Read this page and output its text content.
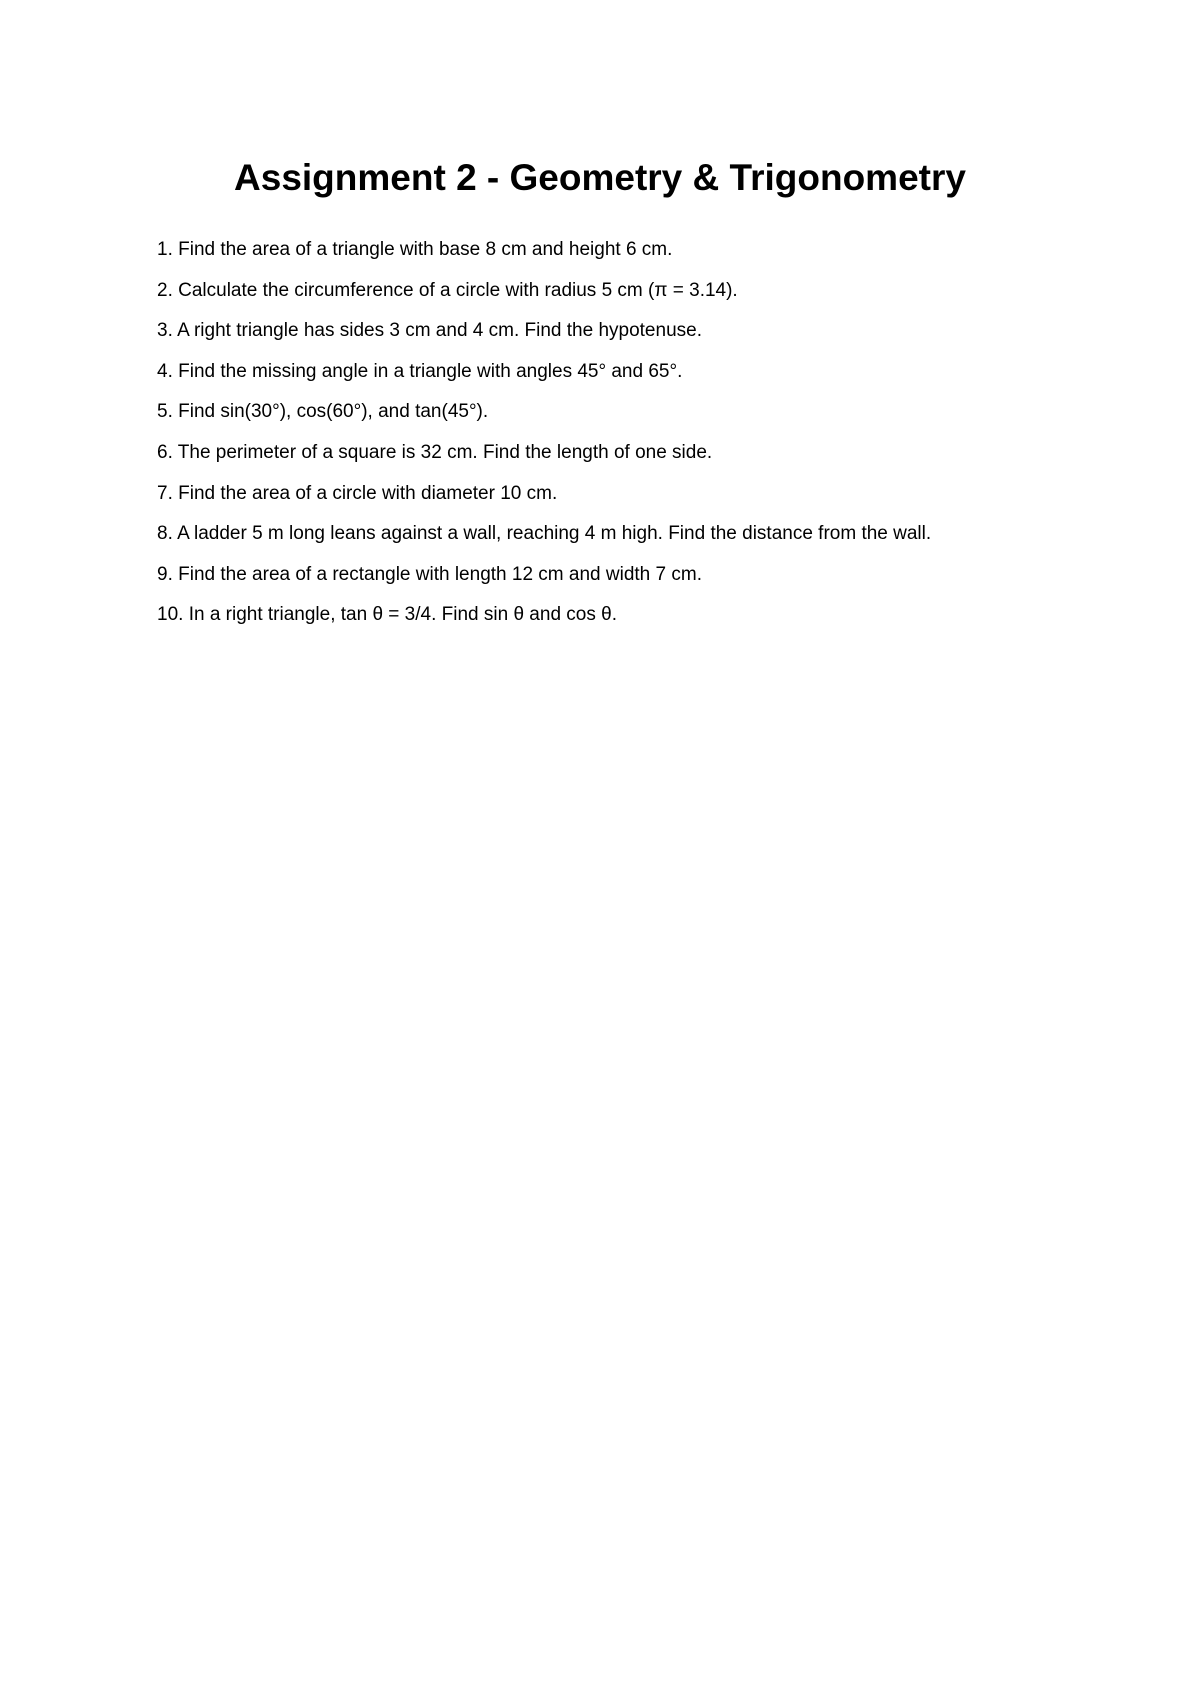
Assignment 2 - Geometry & Trigonometry
1. Find the area of a triangle with base 8 cm and height 6 cm.
2. Calculate the circumference of a circle with radius 5 cm (π = 3.14).
3. A right triangle has sides 3 cm and 4 cm. Find the hypotenuse.
4. Find the missing angle in a triangle with angles 45° and 65°.
5. Find sin(30°), cos(60°), and tan(45°).
6. The perimeter of a square is 32 cm. Find the length of one side.
7. Find the area of a circle with diameter 10 cm.
8. A ladder 5 m long leans against a wall, reaching 4 m high. Find the distance from the wall.
9. Find the area of a rectangle with length 12 cm and width 7 cm.
10. In a right triangle, tan θ = 3/4. Find sin θ and cos θ.
